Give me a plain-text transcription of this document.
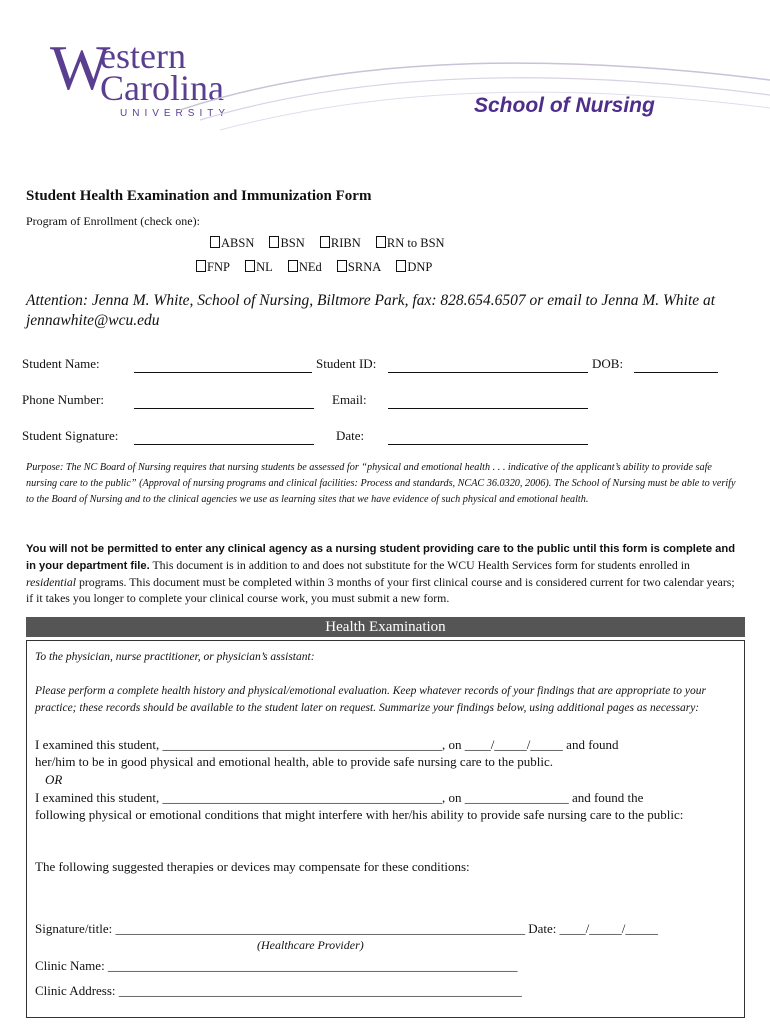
W
estern
Carolina
UNIVERSITY	School of Nursing
Student Health Examination and Immunization Form
Program of Enrollment (check one):
ABSN BSN RIBN RN to BSN
FNP NL NEd SRNA DNP
Attention: Jenna M. White, School of Nursing, Biltmore Park, fax: 828.654.6507 or email to Jenna M. White at jennawhite@wcu.edu
Student Name:	Student ID:	DOB:
Phone Number:	Email:
Student Signature:	Date:
Purpose: The NC Board of Nursing requires that nursing students be assessed for “physical and emotional health . . . indicative of the applicant’s ability to provide safe nursing care to the public” (Approval of nursing programs and clinical facilities: Process and standards, NCAC 36.0320, 2006). The School of Nursing must be able to verify to the Board of Nursing and to the clinical agencies we use as learning sites that we have evidence of such physical and emotional health.
You will not be permitted to enter any clinical agency as a nursing student providing care to the public until this form is complete and in your department file. This document is in addition to and does not substitute for the WCU Health Services form for students enrolled in residential programs. This document must be completed within 3 months of your first clinical course and is considered current for two calendar years; if it takes you longer to complete your clinical course work, you must submit a new form.
Health Examination
To the physician, nurse practitioner, or physician’s assistant:
Please perform a complete health history and physical/emotional evaluation. Keep whatever records of your findings that are appropriate to your practice; these records should be available to the student later on request. Summarize your findings below, using additional pages as necessary:
I examined this student, ___________________________________________, on ____/_____/_____ and found
her/him to be in good physical and emotional health, able to provide safe nursing care to the public.
OR
I examined this student, ___________________________________________, on ________________ and found the
following physical or emotional conditions that might interfere with her/his ability to provide safe nursing care to the public:
The following suggested therapies or devices may compensate for these conditions:
Signature/title: _______________________________________________________________ Date: ____/_____/_____
(Healthcare Provider)
Clinic Name: _______________________________________________________________
Clinic Address: ______________________________________________________________
